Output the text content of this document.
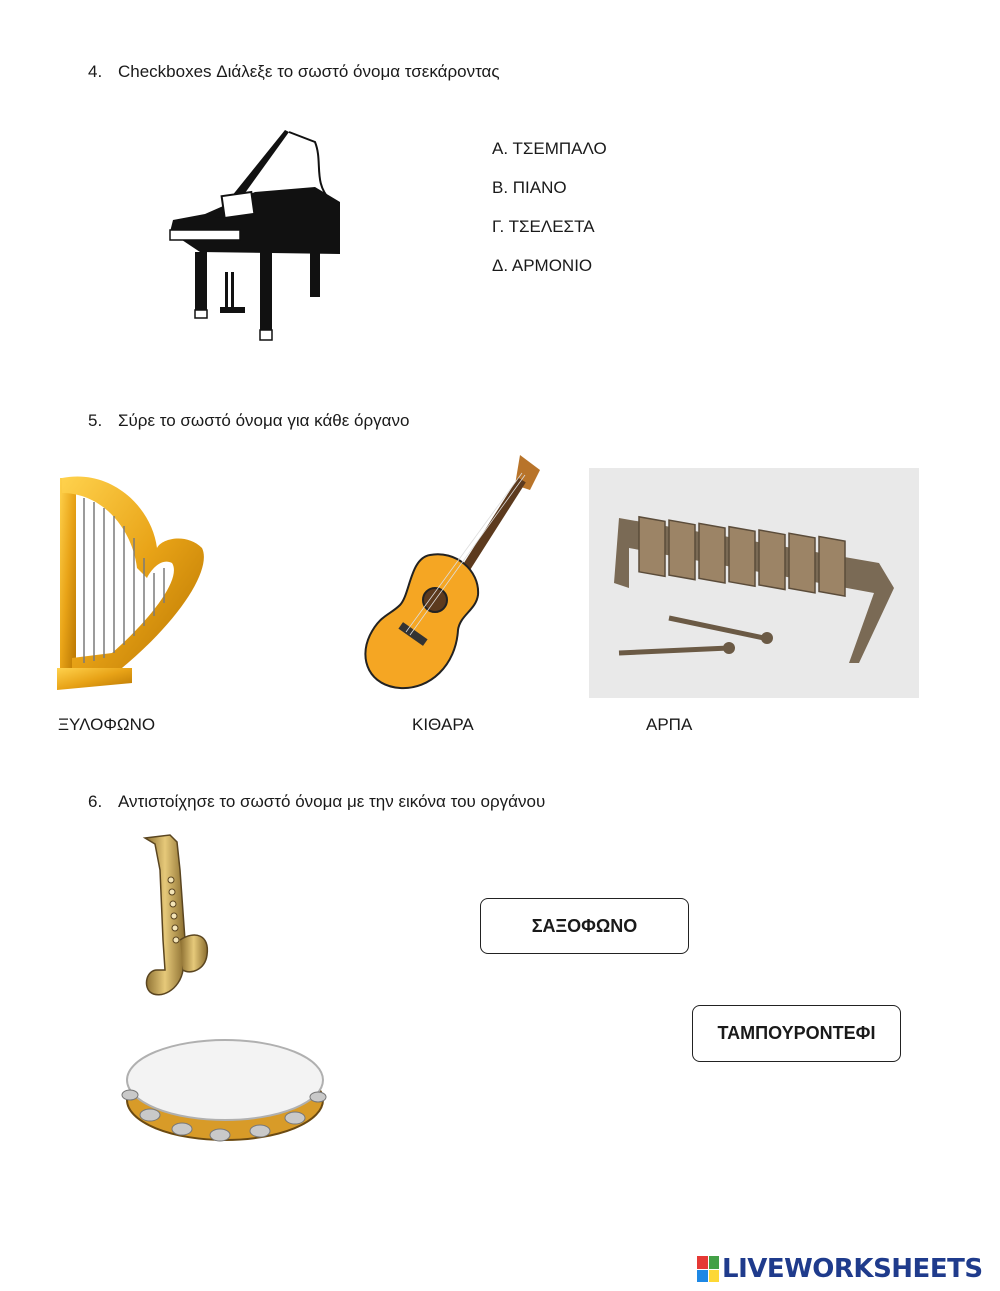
4. Checkboxes Διάλεξε το σωστό όνομα τσεκάροντας
Α. ΤΣΕΜΠΑΛΟ
Β. ΠΙΑΝΟ
Γ. ΤΣΕΛΕΣΤΑ
Δ. ΑΡΜΟΝΙΟ
5. Σύρε το σωστό όνομα για κάθε όργανο
ΞΥΛΟΦΩΝΟ	ΚΙΘΑΡΑ	ΑΡΠΑ
6. Αντιστοίχησε το σωστό όνομα με την εικόνα του οργάνου
ΣΑΞΟΦΩΝΟ
ΤΑΜΠΟΥΡΟΝΤΕΦΙ
LIVEWORKSHEETS
